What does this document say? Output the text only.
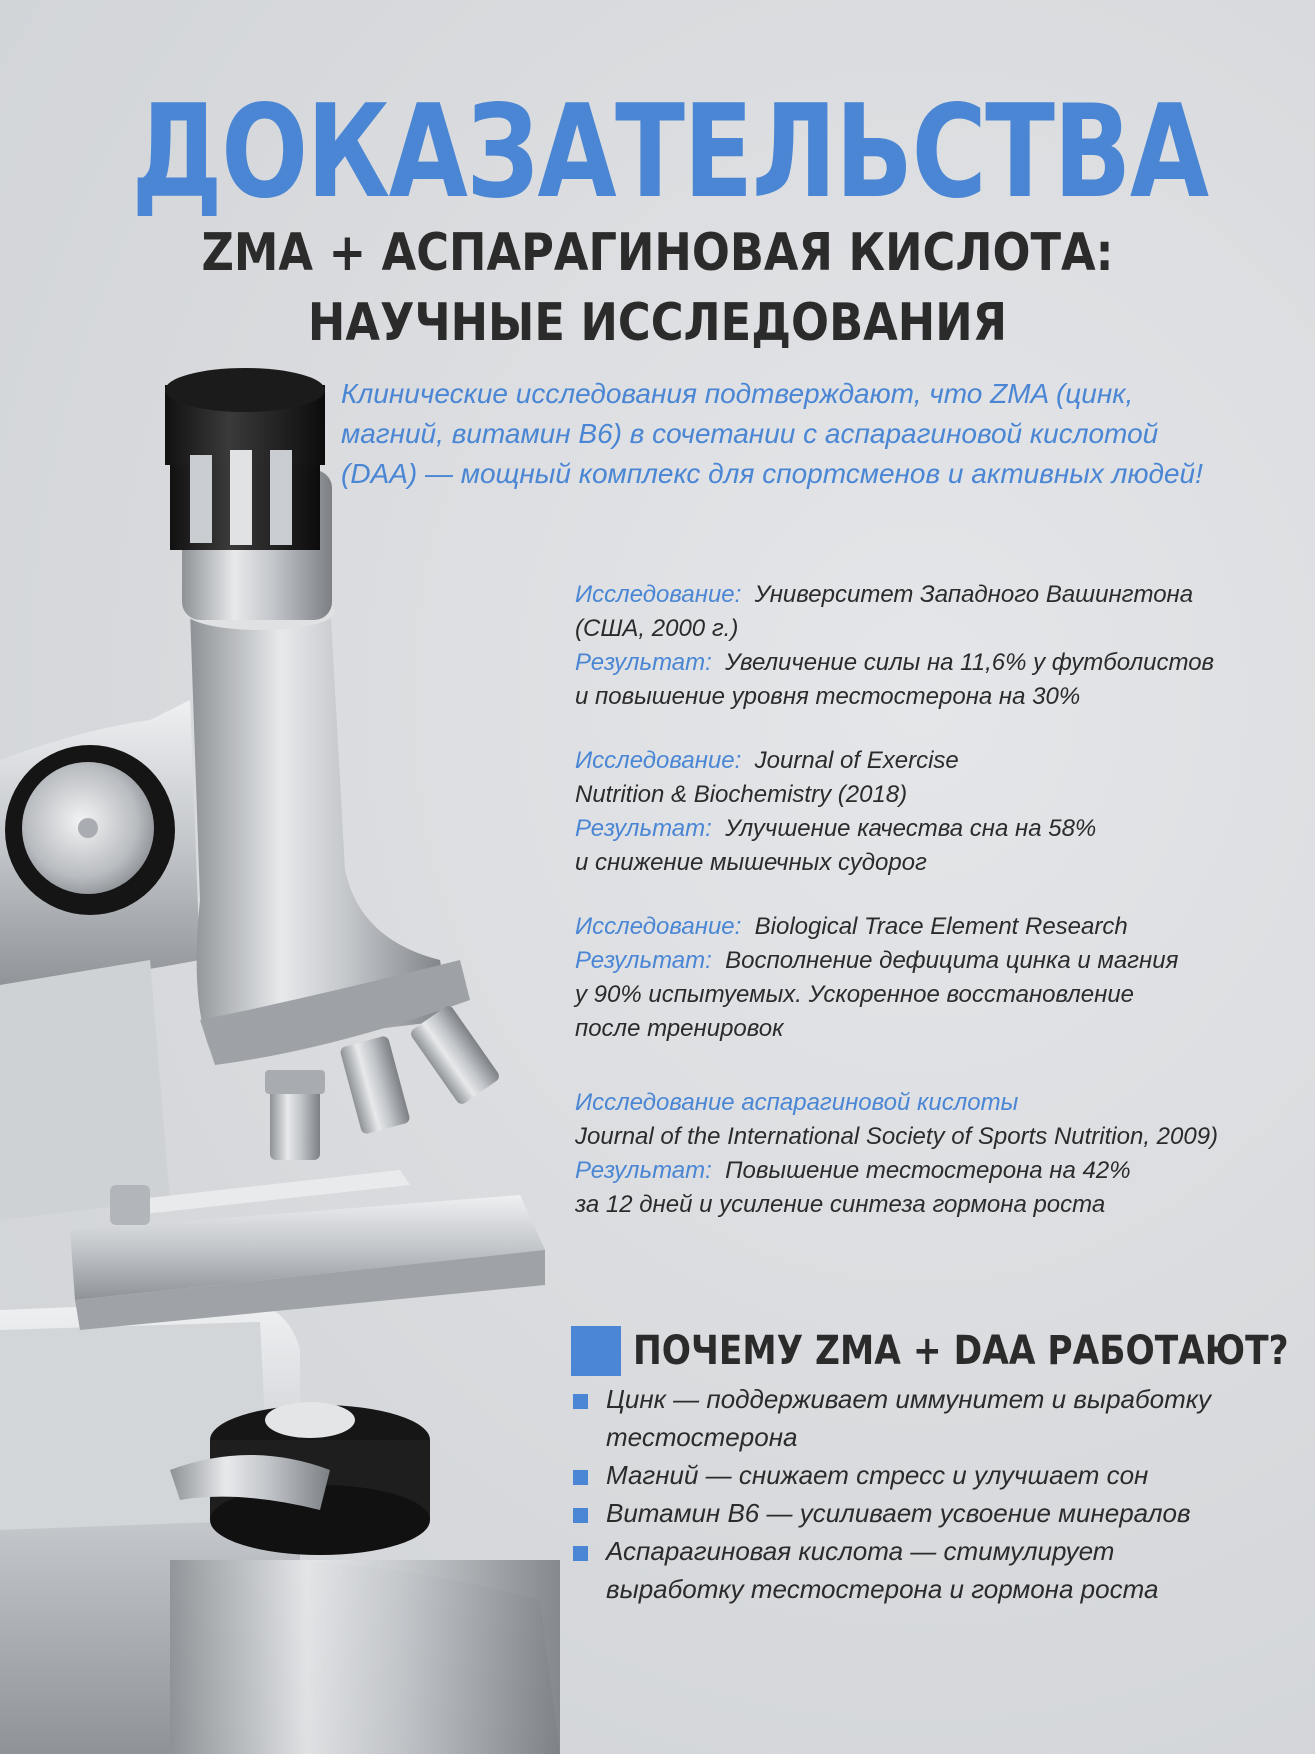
ДОКАЗАТЕЛЬСТВА
ZMA + АСПАРАГИНОВАЯ КИСЛОТА:
НАУЧНЫЕ ИССЛЕДОВАНИЯ
Клинические исследования подтверждают, что ZMA (цинк,
магний, витамин B6) в сочетании с аспарагиновой кислотой
(DAA) — мощный комплекс для спортсменов и активных людей!
Исследование: Университет Западного Вашингтона
(США, 2000 г.)
Результат: Увеличение силы на 11,6% у футболистов
и повышение уровня тестостерона на 30%
Исследование: Journal of Exercise
Nutrition & Biochemistry (2018)
Результат: Улучшение качества сна на 58%
и снижение мышечных судорог
Исследование: Biological Trace Element Research
Результат: Восполнение дефицита цинка и магния
у 90% испытуемых. Ускоренное восстановление
после тренировок
Исследование аспарагиновой кислоты
Journal of the International Society of Sports Nutrition, 2009)
Результат: Повышение тестостерона на 42%
за 12 дней и усиление синтеза гормона роста
ПОЧЕМУ ZMA + DAA РАБОТАЮТ?
Цинк — поддерживает иммунитет и выработку
тестостерона
Магний — снижает стресс и улучшает сон
Витамин B6 — усиливает усвоение минералов
Аспарагиновая кислота — стимулирует
выработку тестостерона и гормона роста
